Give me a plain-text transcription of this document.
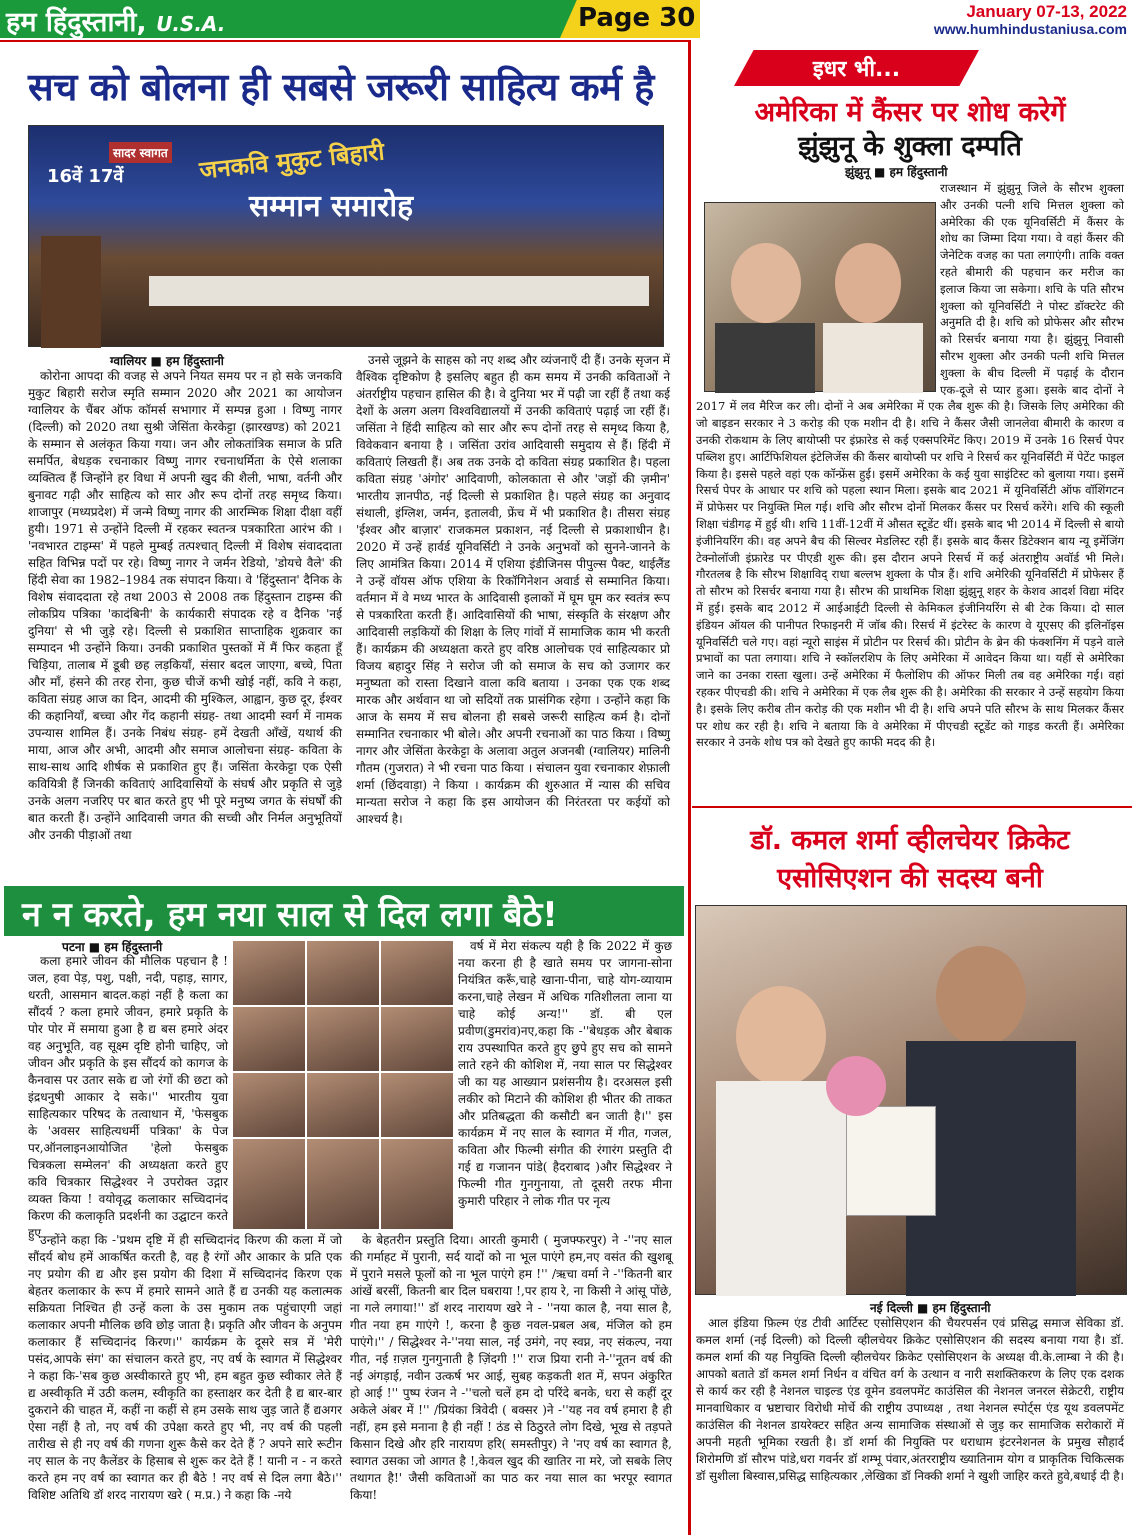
हम हिंदुस्तानी, U.S.A.	Page 30	January 07-13, 2022
www.humhindustaniusa.com
सच को बोलना ही सबसे जरूरी साहित्य कर्म है
जनकवि मुकुट बिहारी
सम्मान समारोह
सादर स्वागत
16वें 17वें
ग्वालियर ■ हम हिंदुस्तानी

कोरोना आपदा की वजह से अपने नियत समय पर न हो सके जनकवि मुकुट बिहारी सरोज स्मृति सम्मान 2020 और 2021 का आयोजन ग्वालियर के चैंबर ऑफ कॉमर्स सभागार में सम्पन्न हुआ । विष्णु नागर (दिल्ली) को 2020 तथा सुश्री जेसिंता केरकेट्टा (झारखण्ड) को 2021 के सम्मान से अलंकृत किया गया। जन और लोकतांत्रिक समाज के प्रति समर्पित, बेधड़क रचनाकार विष्णु नागर रचनाधर्मिता के ऐसे शलाका व्यक्तित्व हैं जिन्होंने हर विधा में अपनी खुद की शैली, भाषा, वर्तनी और बुनावट गढ़ी और साहित्य को सार और रूप दोनों तरह समृध्द किया। शाजापुर (मध्यप्रदेश) में जन्मे विष्णु नागर की आरम्भिक शिक्षा दीक्षा वहीं हुयी। 1971 से उन्होंने दिल्ली में रहकर स्वतन्त्र पत्रकारिता आरंभ की । 'नवभारत टाइम्स' में पहले मुम्बई तत्पश्चात् दिल्ली में विशेष संवाददाता सहित विभिन्न पदों पर रहे। विष्णु नागर ने जर्मन रेडियो, 'डोयचे वैले' की हिंदी सेवा का 1982–1984 तक संपादन किया। वे 'हिंदुस्तान' दैनिक के विशेष संवाददाता रहे तथा 2003 से 2008 तक हिंदुस्तान टाइम्स की लोकप्रिय पत्रिका 'कादंबिनी' के कार्यकारी संपादक रहे व दैनिक 'नई दुनिया' से भी जुड़े रहे। दिल्ली से प्रकाशित साप्ताहिक शुक्रवार का सम्पादन भी उन्होंने किया। उनकी प्रकाशित पुस्तकों में मैं फिर कहता हूँ चिड़िया, तालाब में डूबी छह लड़कियाँ, संसार बदल जाएगा, बच्चे, पिता और माँ, हंसने की तरह रोना, कुछ चीजें कभी खोई नहीं, कवि ने कहा, कविता संग्रह आज का दिन, आदमी की मुश्किल, आह्वान, कुछ दूर, ईश्वर की कहानियाँ, बच्चा और गेंद कहानी संग्रह- तथा आदमी स्वर्ग में नामक उपन्यास शामिल हैं। उनके निबंध संग्रह- हमें देखती आँखें, यथार्थ की माया, आज और अभी, आदमी और समाज आलोचना संग्रह- कविता के साथ-साथ आदि शीर्षक से प्रकाशित हुए हैं। जसिंता केरकेट्टा एक ऐसी कवियित्री हैं जिनकी कविताएं आदिवासियों के संघर्ष और प्रकृति से जुड़े उनके अलग नजरिए पर बात करते हुए भी पूरे मनुष्य जगत के संघर्षों की बात करती हैं। उन्होंने आदिवासी जगत की सच्ची और निर्मल अनुभूतियों और उनकी पीड़ाओं तथा

उनसे जूझने के साहस को नए शब्द और व्यंजनाएँ दी हैं। उनके सृजन में वैश्विक दृष्टिकोण है इसलिए बहुत ही कम समय में उनकी कविताओं ने अंतर्राष्ट्रीय पहचान हासिल की है। वे दुनिया भर में पढ़ी जा रहीं हैं तथा कई देशों के अलग अलग विश्वविद्यालयों में उनकी कविताएं पढ़ाई जा रहीं हैं। जसिंता ने हिंदी साहित्य को सार और रूप दोनों तरह से समृध्द किया है, विवेकवान बनाया है । जसिंता उरांव आदिवासी समुदाय से हैं। हिंदी में कविताएं लिखती हैं। अब तक उनके दो कविता संग्रह प्रकाशित है। पहला कविता संग्रह 'अंगोर' आदिवाणी, कोलकाता से और 'जड़ों की ज़मीन' भारतीय ज्ञानपीठ, नई दिल्ली से प्रकाशित है। पहले संग्रह का अनुवाद संथाली, इंग्लिश, जर्मन, इतालवी, फ्रेंच में भी प्रकाशित है। तीसरा संग्रह 'ईश्वर और बाज़ार' राजकमल प्रकाशन, नई दिल्ली से प्रकाशाधीन है। 2020 में उन्हें हार्वर्ड यूनिवर्सिटी ने उनके अनुभवों को सुनने-जानने के लिए आमंत्रित किया। 2014 में एशिया इंडीजिनस पीपुल्स पैक्ट, थाईलैंड ने उन्हें वॉयस ऑफ एशिया के रिकॉगिनेशन अवार्ड से सम्मानित किया। वर्तमान में वे मध्य भारत के आदिवासी इलाकों में घूम घूम कर स्वतंत्र रूप से पत्रकारिता करती हैं। आदिवासियों की भाषा, संस्कृति के संरक्षण और आदिवासी लड़कियों की शिक्षा के लिए गांवों में सामाजिक काम भी करती हैं। कार्यक्रम की अध्यक्षता करते हुए वरिष्ठ आलोचक एवं साहित्यकार प्रो विजय बहादुर सिंह ने सरोज जी को समाज के सच को उजागर कर मनुष्यता को रास्ता दिखाने वाला कवि बताया । उनका एक एक शब्द मारक और अर्थवान था जो सदियों तक प्रासंगिक रहेगा । उन्होंने कहा कि आज के समय में सच बोलना ही सबसे जरूरी साहित्य कर्म है। दोनों सम्मानित रचनाकार भी बोले। और अपनी रचनाओं का पाठ किया । विष्णु नागर और जेसिंता केरकेट्टा के अलावा अतुल अजनबी (ग्वालियर) मालिनी गौतम (गुजरात) ने भी रचना पाठ किया । संचालन युवा रचनाकार शेफ़ाली शर्मा (छिंदवाड़ा) ने किया । कार्यक्रम की शुरुआत में न्यास की सचिव मान्यता सरोज ने कहा कि इस आयोजन की निरंतरता पर कईयों को आश्चर्य है।

न न करते, हम नया साल से दिल लगा बैठे!
पटना ■ हम हिंदुस्तानी

कला हमारे जीवन की मौलिक पहचान है ! जल, हवा पेड़, पशु, पक्षी, नदी, पहाड़, सागर, धरती, आसमान बादल.कहां नहीं है कला का सौंदर्य ? कला हमारे जीवन, हमारे प्रकृति के पोर पोर में समाया हुआ है द्य बस हमारे अंदर वह अनुभूति, वह सूक्ष्म दृष्टि होनी चाहिए, जो जीवन और प्रकृति के इस सौंदर्य को कागज के कैनवास पर उतार सके द्य जो रंगों की छटा को इंद्रधनुषी आकार दे सके।'' भारतीय युवा साहित्यकार परिषद के तत्वाधान में, 'फेसबुक के 'अवसर साहित्यधर्मी पत्रिका' के पेज पर,ऑनलाइनआयोजित 'हेलो फेसबुक चित्रकला सम्मेलन' की अध्यक्षता करते हुए कवि चित्रकार सिद्धेश्वर ने उपरोक्त उद्गार व्यक्त किया ! वयोवृद्ध कलाकार सच्चिदानंद किरण की कलाकृति प्रदर्शनी का उद्घाटन करते हुए

उन्होंने कहा कि -'प्रथम दृष्टि में ही सच्चिदानंद किरण की कला में जो सौंदर्य बोध हमें आकर्षित करती है, वह है रंगों और आकार के प्रति एक नए प्रयोग की द्य और इस प्रयोग की दिशा में सच्चिदानंद किरण एक बेहतर कलाकार के रूप में हमारे सामने आते हैं द्य उनकी यह कलात्मक सक्रियता निश्चित ही उन्हें कला के उस मुकाम तक पहुंचाएगी जहां कलाकार अपनी मौलिक छवि छोड़ जाता है। प्रकृति और जीवन के अनुपम कलाकार हैं सच्चिदानंद किरण।'' कार्यक्रम के दूसरे सत्र में 'मेरी पसंद,आपके संग' का संचालन करते हुए, नए वर्ष के स्वागत में सिद्धेश्वर ने कहा कि-'सब कुछ अस्वीकारते हुए भी, हम बहुत कुछ स्वीकार लेते हैं द्य अस्वीकृति में उठी कलम, स्वीकृति का हस्ताक्षर कर देती है द्य बार-बार दुकराने की चाहत में, कहीं ना कहीं से हम उसके साथ जुड़ जाते हैं द्यअगर ऐसा नहीं है तो, नए वर्ष की उपेक्षा करते हुए भी, नए वर्ष की पहली तारीख से ही नए वर्ष की गणना शुरू कैसे कर देते हैं ? अपने सारे रूटीन नए साल के नए कैलेंडर के हिसाब से शुरू कर देते हैं ! यानी न - न करते करते हम नए वर्ष का स्वागत कर ही बैठे ! नए वर्ष से दिल लगा बैठे।'' विशिष्ट अतिथि डॉ शरद नारायण खरे ( म.प्र.) ने कहा कि -नये

वर्ष में मेरा संकल्प यही है कि 2022 में कुछ नया करना ही है खाते समय पर जागना-सोना नियंत्रित करूँ,चाहे खाना-पीना, चाहे योग-व्यायाम करना,चाहे लेखन में अधिक गतिशीलता लाना या चाहे कोई अन्य!'' डॉ. बी एल प्रवीण(डुमरांव)नए,कहा कि -''बेधड़क और बेबाक राय उपस्थापित करते हुए छुपे हुए सच को सामने लाते रहने की कोशिश में, नया साल पर सिद्धेश्वर जी का यह आख्यान प्रशंसनीय है। दरअसल इसी लकीर को मिटाने की कोशिश ही भीतर की ताकत और प्रतिबद्धता की कसौटी बन जाती है।'' इस कार्यक्रम में नए साल के स्वागत में गीत, गजल, कविता और फिल्मी संगीत की रंगारंग प्रस्तुति दी गई द्य गजानन पांडे( हैदराबाद )और सिद्धेश्वर ने फिल्मी गीत गुनगुनाया, तो दूसरी तरफ मीना कुमारी परिहार ने लोक गीत पर नृत्य

के बेहतरीन प्रस्तुति दिया। आरती कुमारी ( मुजफ्फरपुर) ने -''नए साल की गर्माहट में पुरानी, सर्द यादों को ना भूल पाएंगे हम,नए वसंत की खुशबू में पुराने मसले फूलों को ना भूल पाएंगे हम !'' /ऋचा वर्मा ने -''कितनी बार आंखें बरसीं, कितनी बार दिल घबराया !,पर हाय रे, ना किसी ने आंसू पोंछे, ना गले लगाया!'' डॉ शरद नारायण खरे ने - ''नया काल है, नया साल है, गीत नया हम गाएंगे !, करना है कुछ नवल-प्रबल अब, मंजिल को हम पाएंगे।'' / सिद्धेश्वर ने-''नया साल, नई उमंगे, नए स्वप्न, नए संकल्प, नया गीत, नई ग़ज़ल गुनगुनाती है ज़िंदगी !'' राज प्रिया रानी ने-''नूतन वर्ष की नई अंगड़ाई, नवीन उत्कर्ष भर आई, सुबह कड़कती शत में, सपन अंकुरित हो आई !'' पुष्प रंजन ने -''चलो चलें हम दो परिंदे बनके, धरा से कहीं दूर अकेले अंबर में !'' /प्रियंका त्रिवेदी ( बक्सर )ने -''यह नव वर्ष हमारा है ही नहीं, हम इसे मनाना है ही नहीं ! ठंड से ठिठुरते लोग दिखे, भूख से तड़पते किसान दिखे और हरि नारायण हरि( समस्तीपुर) ने 'नए वर्ष का स्वागत है, स्वागत उसका जो आगत है !,केवल खुद की खातिर ना मरे, जो सबके लिए तथागत है!' जैसी कविताओं का पाठ कर नया साल का भरपूर स्वागत किया!

इधर भी...
अमेरिका में कैंसर पर शोध करेगें
झुंझुनू के शुक्ला दम्पति
झुंझुनू ■ हम हिंदुस्तानी

राजस्थान में झुंझुनू जिले के सौरभ शुक्ला और उनकी पत्नी शचि मित्तल शुक्ला को अमेरिका की एक यूनिवर्सिटी में कैंसर के शोध का जिम्मा दिया गया। वे वहां कैंसर की जेनेटिक वजह का पता लगाएंगी। ताकि वक्त रहते बीमारी की पहचान कर मरीज का इलाज किया जा सकेगा। शचि के पति सौरभ शुक्ला को यूनिवर्सिटी ने पोस्ट डॉक्टरेट की अनुमति दी है। शचि को प्रोफेसर और सौरभ को रिसर्चर बनाया गया है। झुंझुनू निवासी सौरभ शुक्ला और उनकी पत्नी शचि मित्तल शुक्ला के बीच दिल्ली में पढ़ाई के दौरान एक-दूजे से प्यार हुआ। इसके बाद दोनों ने 2017 में लव मैरिज कर ली। दोनों ने अब अमेरिका में एक लैब शुरू की है। जिसके लिए अमेरिका की जो बाइडन सरकार ने 3 करोड़ की एक मशीन दी है। शचि ने कैंसर जैसी जानलेवा बीमारी के कारण व उनकी रोकथाम के लिए बायोप्सी पर इंफ्रारेड से कई एक्सपरिमेंट किए। 2019 में उनके 16 रिसर्च पेपर पब्लिश हुए। आर्टिफिशियल इंटेलिजेंस की कैंसर बायोप्सी पर शचि ने रिसर्च कर यूनिवर्सिटी में पेटेंट फाइल किया है। इससे पहले वहां एक कॉन्फ्रेंस हुई। इसमें अमेरिका के कई युवा साइंटिस्ट को बुलाया गया। इसमें रिसर्च पेपर के आधार पर शचि को पहला स्थान मिला। इसके बाद 2021 में यूनिवर्सिटी ऑफ वॉशिंगटन में प्रोफेसर पर नियुक्ति मिल गई। शचि और सौरभ दोनों मिलकर कैंसर पर रिसर्च करेंगे। शचि की स्कूली शिक्षा चंडीगढ़ में हुई थी। शचि 11वीं-12वीं में औसत स्टूडेंट थीं। इसके बाद भी 2014 में दिल्ली से बायो इंजीनियरिंग की। वह अपने बैच की सिल्वर मेडलिस्ट रही हैं। इसके बाद कैंसर डिटेक्शन बाय न्यू इमेंजिंग टेक्नोलॉजी इंफ्रारेड पर पीएडी शुरू की। इस दौरान अपने रिसर्च में कई अंतराष्ट्रीय अवॉर्ड भी मिले। गौरतलब है कि सौरभ शिक्षाविद् राधा बल्लभ शुक्ला के पौत्र हैं। शचि अमेरिकी यूनिवर्सिटी में प्रोफेसर हैं तो सौरभ को रिसर्चर बनाया गया है। सौरभ की प्राथमिक शिक्षा झुंझुनू शहर के केशव आदर्श विद्या मंदिर में हुई। इसके बाद 2012 में आईआईटी दिल्ली से केमिकल इंजीनियरिंग से बी टेक किया। दो साल इंडियन ऑयल की पानीपत रिफाइनरी में जॉब की। रिसर्च में इंटरेस्ट के कारण वे यूएसए की इलिनॉइस यूनिवर्सिटी चले गए। वहां न्यूरो साइंस में प्रोटीन पर रिसर्च की। प्रोटीन के ब्रेन की फंक्शनिंग में पड़ने वाले प्रभावों का पता लगाया। शचि ने स्कॉलरशिप के लिए अमेरिका में आवेदन किया था। यहीं से अमेरिका जाने का उनका रास्ता खुला। उन्हें अमेरिका में फैलोशिप की ऑफर मिली तब वह अमेरिका गई। वहां रहकर पीएचडी की। शचि ने अमेरिका में एक लैब शुरू की है। अमेरिका की सरकार ने उन्हें सहयोग किया है। इसके लिए करीब तीन करोड़ की एक मशीन भी दी है। शचि अपने पति सौरभ के साथ मिलकर कैंसर पर शोध कर रही है। शचि ने बताया कि वे अमेरिका में पीएचडी स्टूडेंट को गाइड करती हैं। अमेरिका सरकार ने उनके शोध पत्र को देखते हुए काफी मदद की है।

डॉ. कमल शर्मा व्हीलचेयर क्रिकेट
एसोसिएशन की सदस्य बनी
नई दिल्ली ■ हम हिंदुस्तानी

आल इंडिया फ़िल्म एंड टीवी आर्टिस्ट एसोसिएशन की चैयरपर्सन एवं प्रसिद्ध समाज सेविका डॉ. कमल शर्मा (नई दिल्ली) को दिल्ली व्हीलचेयर क्रिकेट एसोसिएशन की सदस्य बनाया गया है। डॉ. कमल शर्मा की यह नियुक्ति दिल्ली व्हीलचेयर क्रिकेट एसोसिएशन के अध्यक्ष वी.के.लाम्बा ने की है। आपको बताते डॉ कमल शर्मा निर्धन व वंचित वर्ग के उत्थान व नारी सशक्तिकरण के लिए एक दशक से कार्य कर रही है नेशनल चाइल्ड एंड वूमेन डवलपमेंट काउंसिल की नेशनल जनरल सेक्रेटरी, राष्ट्रीय मानवाधिकार व भ्रष्टाचार विरोधी मोर्चे की राष्ट्रीय उपाध्यक्ष , तथा नेशनल स्पोर्ट्स एंड यूथ डवलपमेंट काउंसिल की नेशनल डायरेक्टर सहित अन्य सामाजिक संस्थाओं से जुड़ कर सामाजिक सरोकारों में अपनी महती भूमिका रखती है। डॉ शर्मा की नियुक्ति पर धराधाम इंटरनेशनल के प्रमुख सौहार्द शिरोमणि डॉ सौरभ पांडे,धरा गवर्नर डॉ शम्भू पंवार,अंतरराष्ट्रीय ख्यातिनाम योग व प्राकृतिक चिकित्सक डॉ सुशीला बिस्वास,प्रसिद्ध साहित्यकार ,लेखिका डॉ निक्की शर्मा ने खुशी जाहिर करते हुवे,बधाई दी है।
